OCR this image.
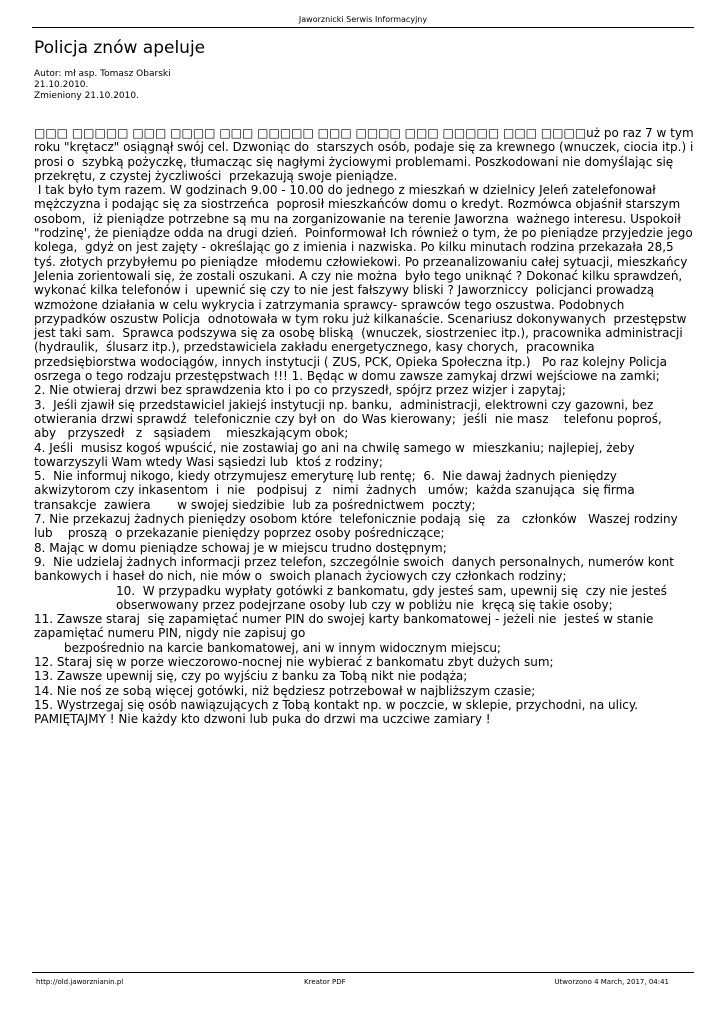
Jaworznicki Serwis Informacyjny
Policja znów apeluje
Autor: mł asp. Tomasz Obarski
21.10.2010.
Zmieniony 21.10.2010.

□□□ □□□□□ □□□ □□□□ □□□ □□□□□ □□□ □□□□ □□□ □□□□□ □□□ □□□□uż po raz 7 w tym roku "krętacz" osiągnął swój cel. Dzwoniąc do  starszych osób, podaje się za krewnego (wnuczek, ciocia itp.) i prosi o  szybką pożyczkę, tłumacząc się nagłymi życiowymi problemami. Poszkodowani nie domyślając się przekrętu, z czystej życzliwości  przekazują swoje pieniądze.

I tak było tym razem. W godzinach 9.00 - 10.00 do jednego z mieszkań w dzielnicy Jeleń zatelefonował mężczyzna i podając się za siostrzeńca  poprosił mieszkańców domu o kredyt. Rozmówca objaśnił starszym osobom,  iż pieniądze potrzebne są mu na zorganizowanie na terenie Jaworzna  ważnego interesu. Uspokoił "rodzinę', że pieniądze odda na drugi dzień.  Poinformował Ich również o tym, że po pieniądze przyjedzie jego kolega,  gdyż on jest zajęty - określając go z imienia i nazwiska. Po kilku minutach rodzina przekazała 28,5 tyś. złotych przybyłemu po pieniądze  młodemu człowiekowi. Po przeanalizowaniu całej sytuacji, mieszkańcy  Jelenia zorientowali się, że zostali oszukani. A czy nie można  było tego uniknąć ? Dokonać kilku sprawdzeń, wykonać kilka telefonów i  upewnić się czy to nie jest fałszywy bliski ? Jaworzniccy  policjanci prowadzą wzmożone działania w celu wykrycia i zatrzymania sprawcy- sprawców tego oszustwa. Podobnych przypadków oszustw Policja  odnotowała w tym roku już kilkanaście. Scenariusz dokonywanych  przestępstw jest taki sam.  Sprawca podszywa się za osobę bliską  (wnuczek, siostrzeniec itp.), pracownika administracji (hydraulik,  ślusarz itp.), przedstawiciela zakładu energetycznego, kasy chorych,  pracownika przedsiębiorstwa wodociągów, innych instytucji ( ZUS, PCK, Opieka Społeczna itp.)   Po raz kolejny Policja osrzega o tego rodzaju przestępstwach !!! 1. Będąc w domu zawsze zamykaj drzwi wejściowe na zamki;

2. Nie otwieraj drzwi bez sprawdzenia kto i po co przyszedł, spójrz przez wizjer i zapytaj;

3.  Jeśli zjawił się przedstawiciel jakiejś instytucji np. banku,  administracji, elektrowni czy gazowni, bez otwierania drzwi sprawdź  telefonicznie czy był on  do Was kierowany;  jeśli  nie masz    telefonu poproś,   aby   przyszedł   z   sąsiadem    mieszkającym obok;

4. Jeśli  musisz kogoś wpuścić, nie zostawiaj go ani na chwilę samego w  mieszkaniu; najlepiej, żeby towarzyszyli Wam wtedy Wasi sąsiedzi lub  ktoś z rodziny;

5.  Nie informuj nikogo, kiedy otrzymujesz emeryturę lub rentę;  6.  Nie dawaj żadnych pieniędzy akwizytorom czy inkasentom  i  nie   podpisuj  z   nimi  żadnych   umów;  każda szanująca  się firma transakcje  zawiera       w swojej siedzibie  lub za pośrednictwem  poczty;

7. Nie przekazuj żadnych pieniędzy osobom które  telefonicznie podają  się   za   członków   Waszej rodziny   lub    proszą  o przekazanie pieniędzy poprzez osoby pośredniczące;

8. Mając w domu pieniądze schowaj je w miejscu trudno dostępnym;

9.  Nie udzielaj żadnych informacji przez telefon, szczególnie swoich  danych personalnych, numerów kont  bankowych i haseł do nich, nie mów o  swoich planach życiowych czy członkach rodziny;

10.  W przypadku wypłaty gotówki z bankomatu, gdy jesteś sam, upewnij się  czy nie jesteś obserwowany przez podejrzane osoby lub czy w pobliżu nie  kręcą się takie osoby;

11. Zawsze staraj  się zapamiętać numer PIN do swojej karty bankomatowej - jeżeli nie  jesteś w stanie zapamiętać numeru PIN, nigdy nie zapisuj go

bezpośrednio na karcie bankomatowej, ani w innym widocznym miejscu;

12. Staraj się w porze wieczorowo-nocnej nie wybierać z bankomatu zbyt dużych sum;

13. Zawsze upewnij się, czy po wyjściu z banku za Tobą nikt nie podąża;

14. Nie noś ze sobą więcej gotówki, niż będziesz potrzebował w najbliższym czasie;

15. Wystrzegaj się osób nawiązujących z Tobą kontakt np. w poczcie, w sklepie, przychodni, na ulicy. PAMIĘTAJMY ! Nie każdy kto dzwoni lub puka do drzwi ma uczciwe zamiary !

http://old.jaworznianin.pl	Kreator PDF	Utworzono 4 March, 2017, 04:41
